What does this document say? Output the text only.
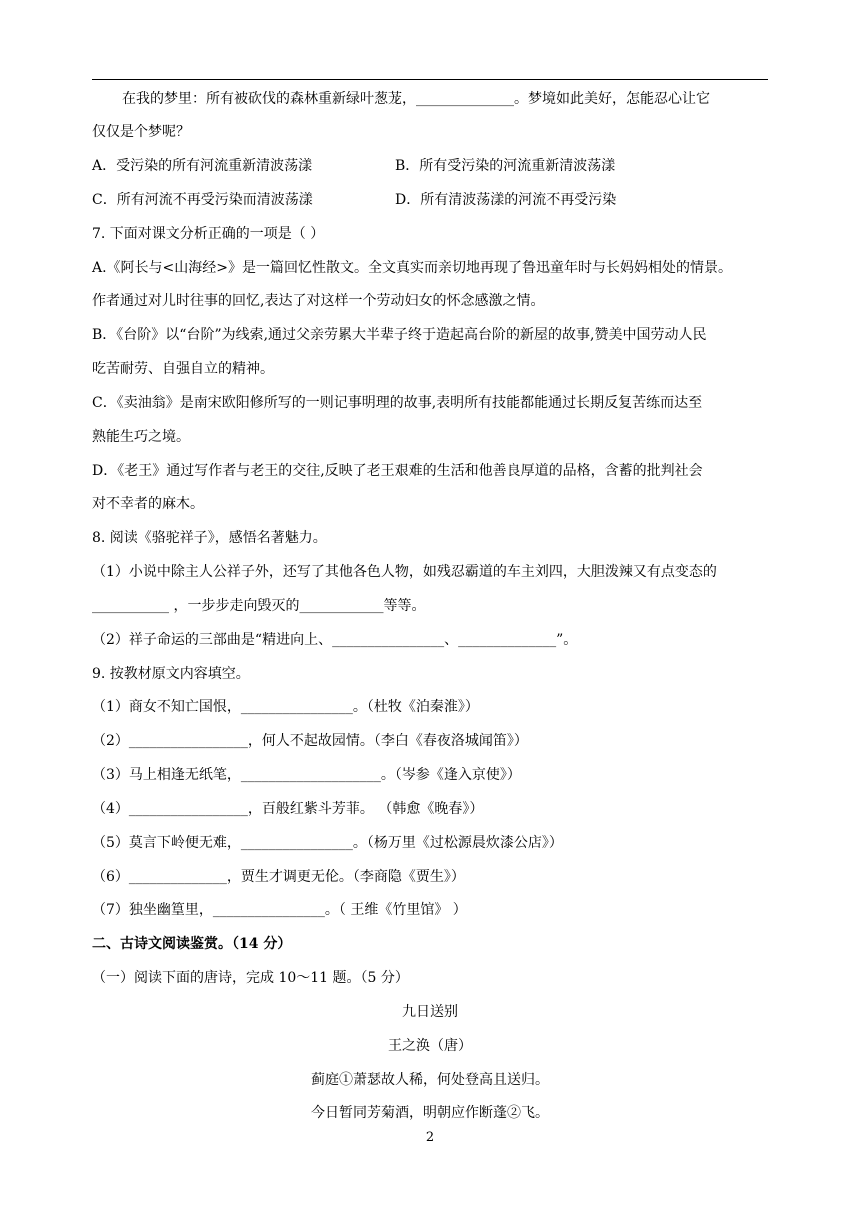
在我的梦里：所有被砍伐的森林重新绿叶葱茏，______________。梦境如此美好，怎能忍心让它
仅仅是个梦呢？
A．受污染的所有河流重新清波荡漾	B．所有受污染的河流重新清波荡漾
C．所有河流不再受污染而清波荡漾	D．所有清波荡漾的河流不再受污染
7. 下面对课文分析正确的一项是（ ）
A.《阿长与<山海经>》是一篇回忆性散文。全文真实而亲切地再现了鲁迅童年时与长妈妈相处的情景。
作者通过对儿时往事的回忆,表达了对这样一个劳动妇女的怀念感激之情。
B．《台阶》以“台阶”为线索,通过父亲劳累大半辈子终于造起高台阶的新屋的故事,赞美中国劳动人民
吃苦耐劳、自强自立的精神。
C．《卖油翁》是南宋欧阳修所写的一则记事明理的故事,表明所有技能都能通过长期反复苦练而达至
熟能生巧之境。
D．《老王》通过写作者与老王的交往,反映了老王艰难的生活和他善良厚道的品格，含蓄的批判社会
对不幸者的麻木。
8. 阅读《骆驼祥子》，感悟名著魅力。
（1）小说中除主人公祥子外，还写了其他各色人物，如残忍霸道的车主刘四，大胆泼辣又有点变态的
___________ ，一步步走向毁灭的____________等等。
（2）祥子命运的三部曲是“精进向上、________________、______________”。
9. 按教材原文内容填空。
（1）商女不知亡国恨，________________。（杜牧《泊秦淮》）
（2）_________________，何人不起故园情。（李白《春夜洛城闻笛》）
（3）马上相逢无纸笔，____________________。（岑参《逢入京使》）
（4）_________________，百般红紫斗芳菲。 （韩愈《晚春》）
（5）莫言下岭便无难，________________。（杨万里《过松源晨炊漆公店》）
（6）______________，贾生才调更无伦。（李商隐《贾生》）
（7）独坐幽篁里，________________。（ 王维《竹里馆》 ）
二、古诗文阅读鉴赏。（14 分）
（一）阅读下面的唐诗，完成 10～11 题。（5 分）
九日送别
王之涣（唐）
蓟庭①萧瑟故人稀，何处登高且送归。
今日暂同芳菊酒，明朝应作断蓬②飞。
2
